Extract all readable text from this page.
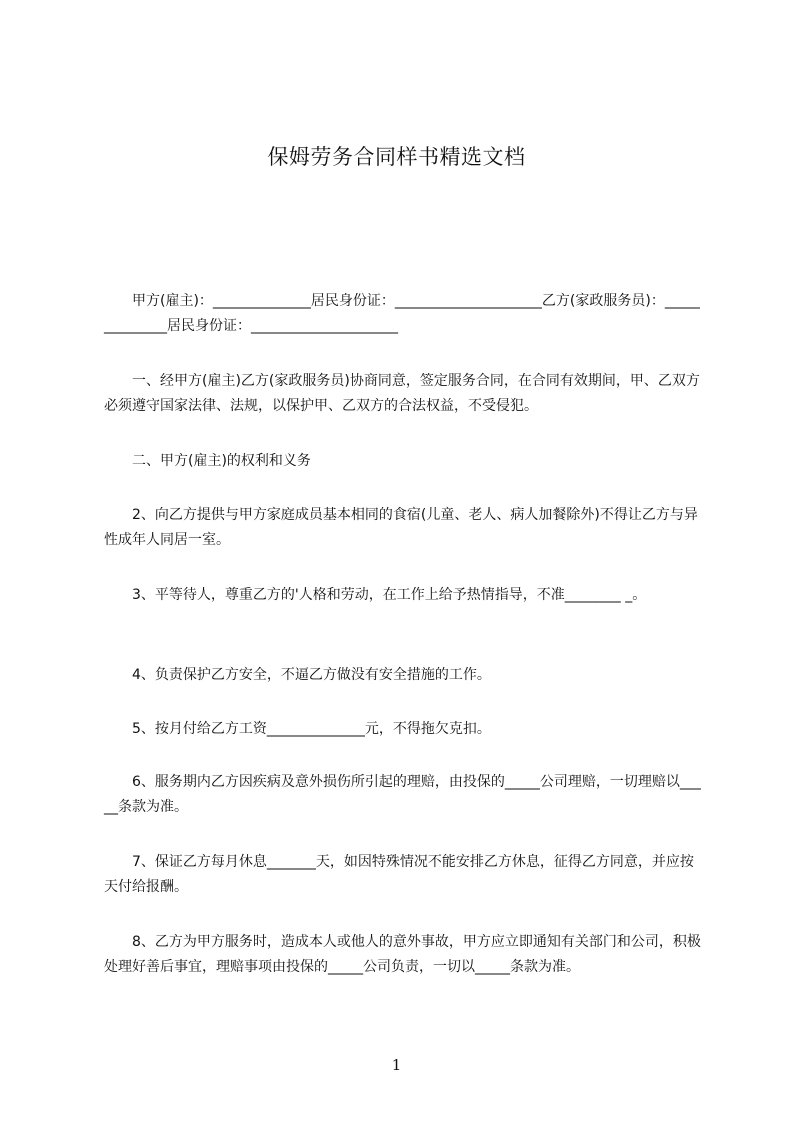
保姆劳务合同样书精选文档
甲方(雇主)：______________居民身份证：_____________________乙方(家政服务员)：______________居民身份证：_____________________
一、经甲方(雇主)乙方(家政服务员)协商同意，签定服务合同，在合同有效期间，甲、乙双方必须遵守国家法律、法规，以保护甲、乙双方的合法权益，不受侵犯。
二、甲方(雇主)的权利和义务
2、向乙方提供与甲方家庭成员基本相同的食宿(儿童、老人、病人加餐除外)不得让乙方与异性成年人同居一室。
3、平等待人，尊重乙方的'人格和劳动，在工作上给予热情指导，不准________ _。
4、负责保护乙方安全，不逼乙方做没有安全措施的工作。
5、按月付给乙方工资______________元，不得拖欠克扣。
6、服务期内乙方因疾病及意外损伤所引起的理赔，由投保的_____公司理赔，一切理赔以_____条款为准。
7、保证乙方每月休息_______天，如因特殊情况不能安排乙方休息，征得乙方同意，并应按天付给报酬。
8、乙方为甲方服务时，造成本人或他人的意外事故，甲方应立即通知有关部门和公司，积极处理好善后事宜，理赔事项由投保的_____公司负责，一切以_____条款为准。
1
